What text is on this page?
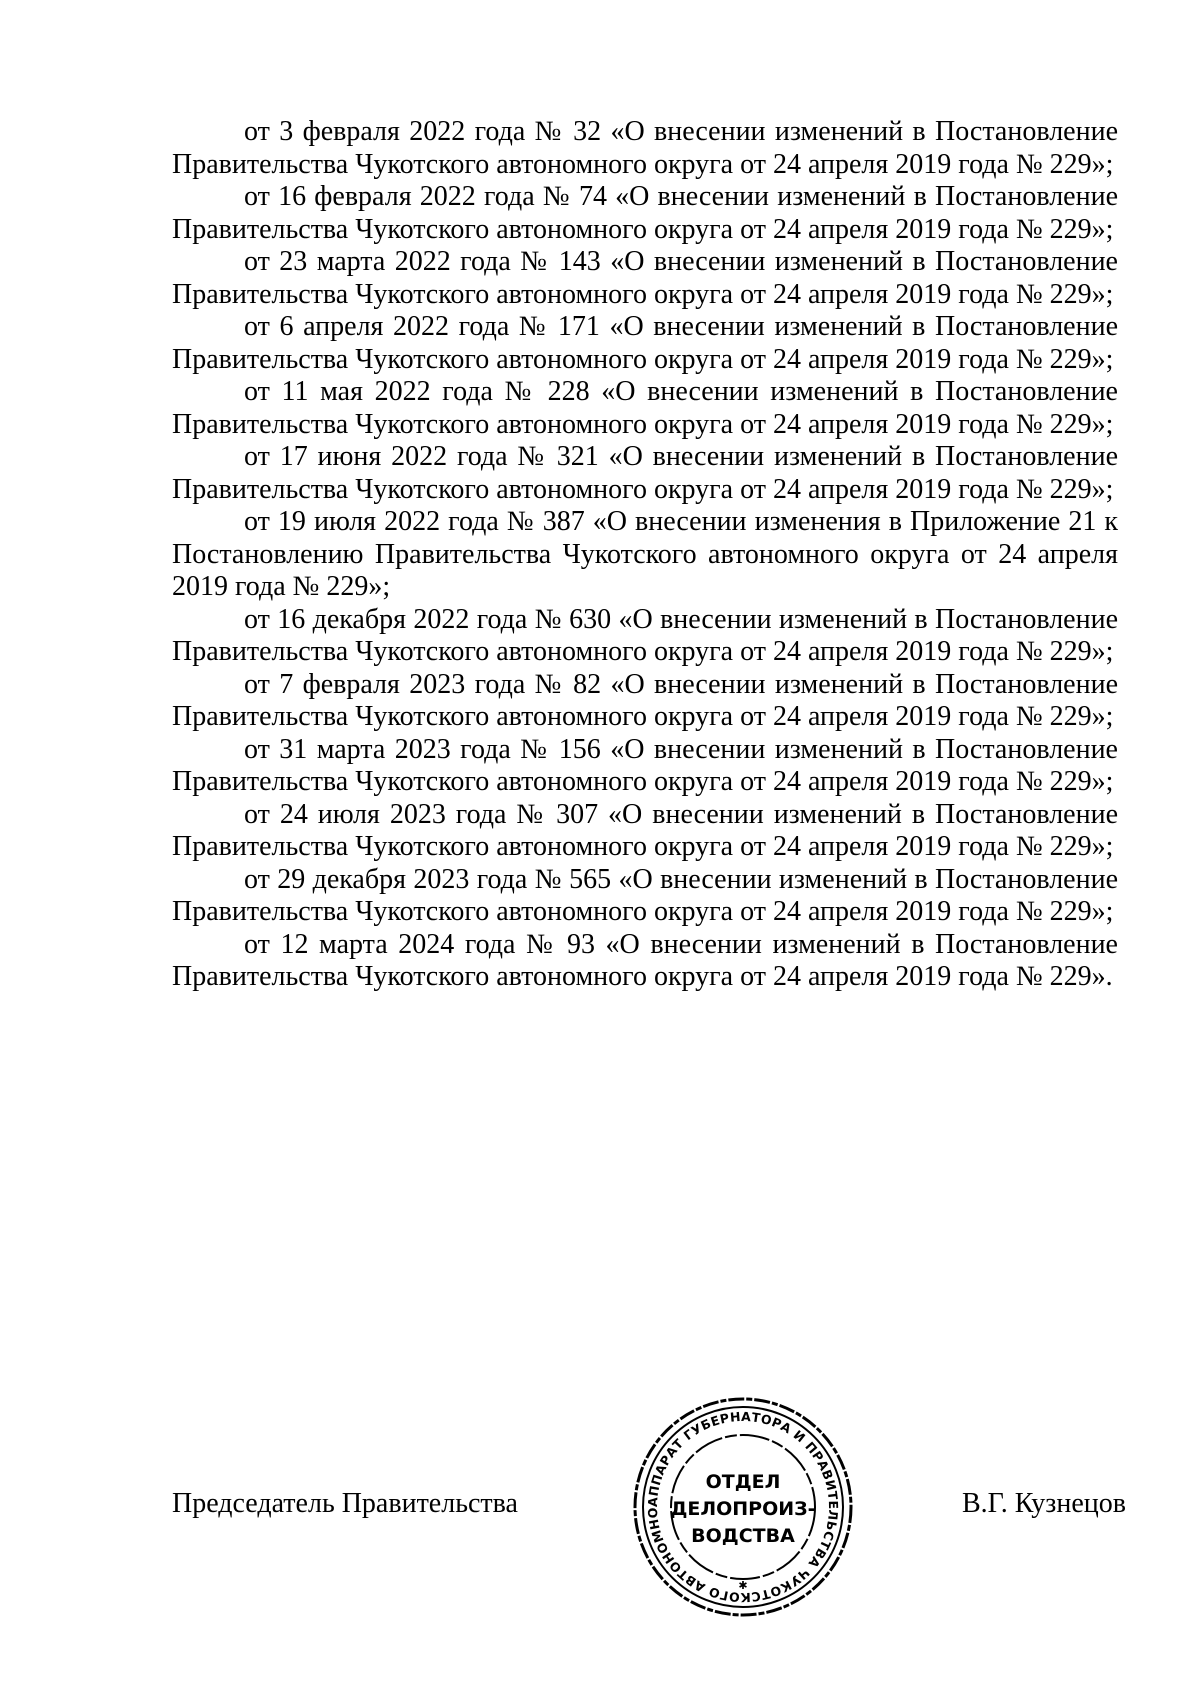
от 3 февраля 2022 года № 32 «О внесении изменений в Постановление Правительства Чукотского автономного округа от 24 апреля 2019 года № 229»;

от 16 февраля 2022 года № 74 «О внесении изменений в Постановление Правительства Чукотского автономного округа от 24 апреля 2019 года № 229»;

от 23 марта 2022 года № 143 «О внесении изменений в Постановление Правительства Чукотского автономного округа от 24 апреля 2019 года № 229»;

от 6 апреля 2022 года № 171 «О внесении изменений в Постановление Правительства Чукотского автономного округа от 24 апреля 2019 года № 229»;

от 11 мая 2022 года № 228 «О внесении изменений в Постановление Правительства Чукотского автономного округа от 24 апреля 2019 года № 229»;

от 17 июня 2022 года № 321 «О внесении изменений в Постановление Правительства Чукотского автономного округа от 24 апреля 2019 года № 229»;

от 19 июля 2022 года № 387 «О внесении изменения в Приложение 21 к Постановлению Правительства Чукотского автономного округа от 24 апреля 2019 года № 229»;

от 16 декабря 2022 года № 630 «О внесении изменений в Постановление Правительства Чукотского автономного округа от 24 апреля 2019 года № 229»;

от 7 февраля 2023 года № 82 «О внесении изменений в Постановление Правительства Чукотского автономного округа от 24 апреля 2019 года № 229»;

от 31 марта 2023 года № 156 «О внесении изменений в Постановление Правительства Чукотского автономного округа от 24 апреля 2019 года № 229»;

от 24 июля 2023 года № 307 «О внесении изменений в Постановление Правительства Чукотского автономного округа от 24 апреля 2019 года № 229»;

от 29 декабря 2023 года № 565 «О внесении изменений в Постановление Правительства Чукотского автономного округа от 24 апреля 2019 года № 229»;

от 12 марта 2024 года № 93 «О внесении изменений в Постановление Правительства Чукотского автономного округа от 24 апреля 2019 года № 229».

Председатель Правительства	В.Г. Кузнецов
АППАРАТ ГУБЕРНАТОРА И ПРАВИТЕЛЬСТВА ЧУКОТСКОГО АВТОНОМНО
ОТДЕЛ
ДЕЛОПРОИЗ-
ВОДСТВА
✱
